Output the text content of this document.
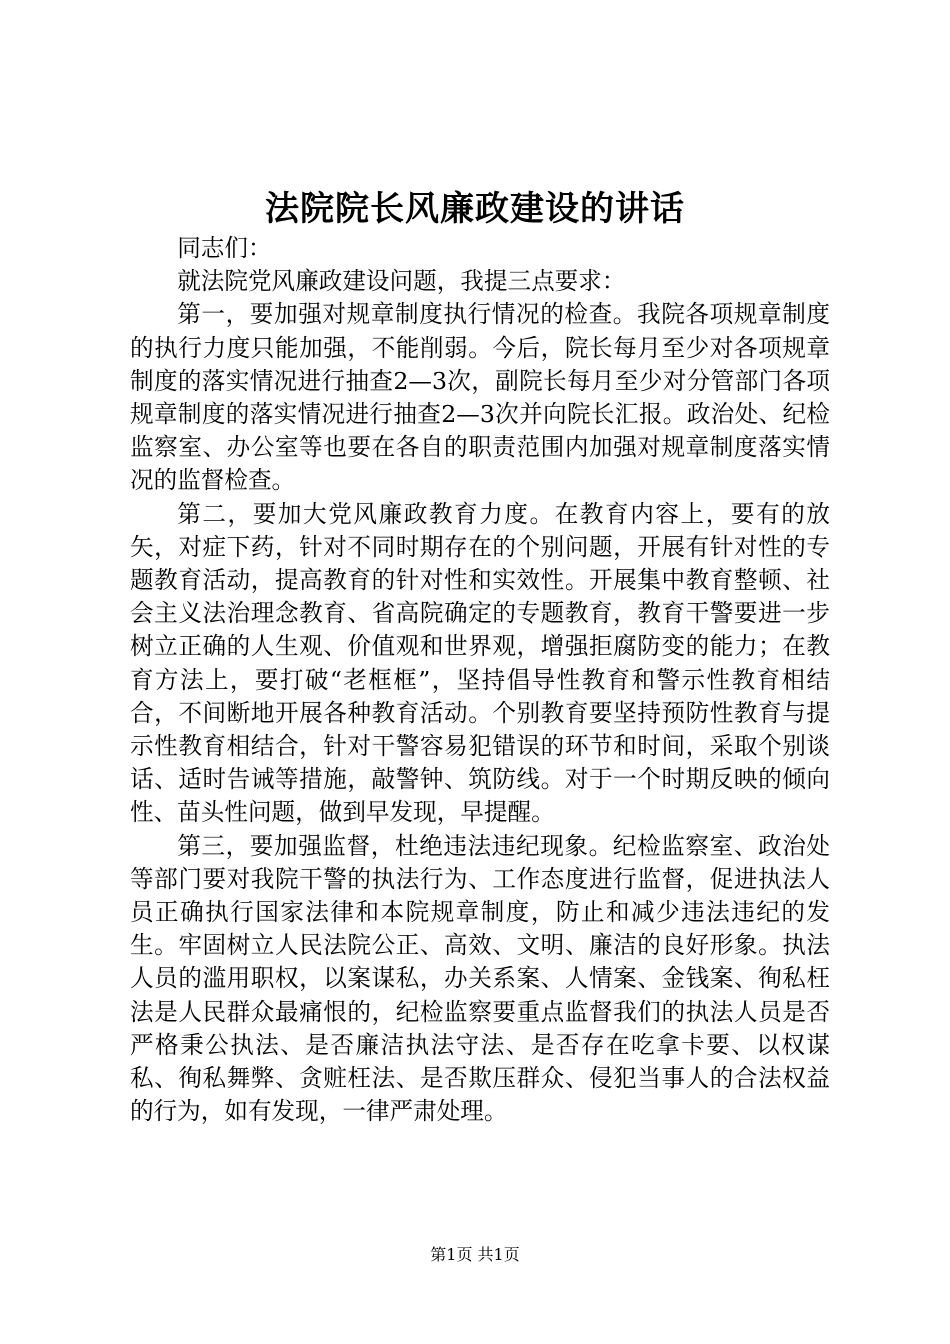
法院院长风廉政建设的讲话

同志们：

就法院党风廉政建设问题，我提三点要求：

第一，要加强对规章制度执行情况的检查。我院各项规章制度的执行力度只能加强，不能削弱。今后，院长每月至少对各项规章制度的落实情况进行抽查2—3次，副院长每月至少对分管部门各项规章制度的落实情况进行抽查2—3次并向院长汇报。政治处、纪检监察室、办公室等也要在各自的职责范围内加强对规章制度落实情况的监督检查。

第二，要加大党风廉政教育力度。在教育内容上，要有的放矢，对症下药，针对不同时期存在的个别问题，开展有针对性的专题教育活动，提高教育的针对性和实效性。开展集中教育整顿、社会主义法治理念教育、省高院确定的专题教育，教育干警要进一步树立正确的人生观、价值观和世界观，增强拒腐防变的能力；在教育方法上，要打破“老框框”，坚持倡导性教育和警示性教育相结合，不间断地开展各种教育活动。个别教育要坚持预防性教育与提示性教育相结合，针对干警容易犯错误的环节和时间，采取个别谈话、适时告诫等措施，敲警钟、筑防线。对于一个时期反映的倾向性、苗头性问题，做到早发现，早提醒。

第三，要加强监督，杜绝违法违纪现象。纪检监察室、政治处等部门要对我院干警的执法行为、工作态度进行监督，促进执法人员正确执行国家法律和本院规章制度，防止和减少违法违纪的发生。牢固树立人民法院公正、高效、文明、廉洁的良好形象。执法人员的滥用职权，以案谋私，办关系案、人情案、金钱案、徇私枉法是人民群众最痛恨的，纪检监察要重点监督我们的执法人员是否严格秉公执法、是否廉洁执法守法、是否存在吃拿卡要、以权谋私、徇私舞弊、贪赃枉法、是否欺压群众、侵犯当事人的合法权益的行为，如有发现，一律严肃处理。

第1页 共1页
